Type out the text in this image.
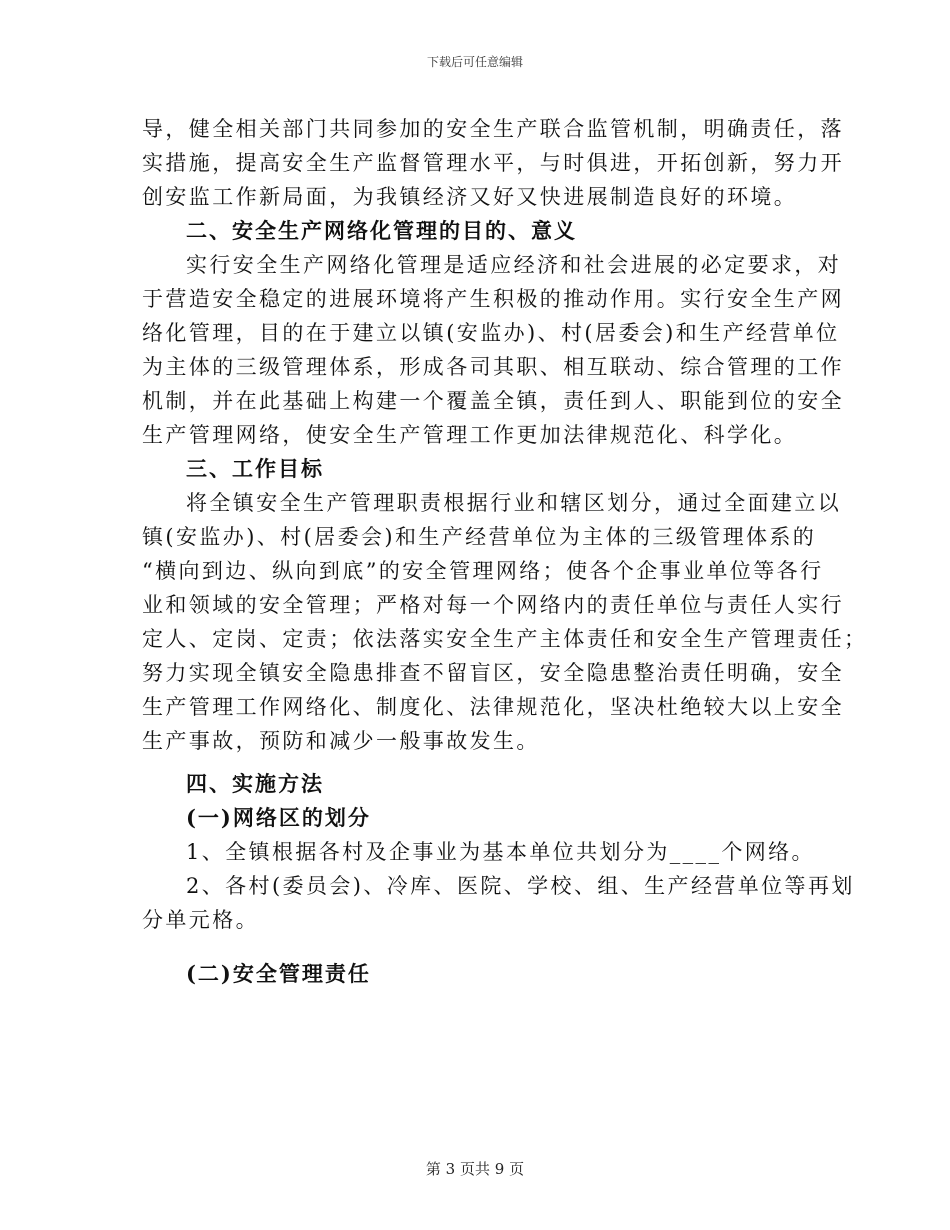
下载后可任意编辑
导，健全相关部门共同参加的安全生产联合监管机制，明确责任，落
实措施，提高安全生产监督管理水平，与时俱进，开拓创新，努力开
创安监工作新局面，为我镇经济又好又快进展制造良好的环境。
二、安全生产网络化管理的目的、意义
实行安全生产网络化管理是适应经济和社会进展的必定要求，对
于营造安全稳定的进展环境将产生积极的推动作用。实行安全生产网
络化管理，目的在于建立以镇(安监办)、村(居委会)和生产经营单位
为主体的三级管理体系，形成各司其职、相互联动、综合管理的工作
机制，并在此基础上构建一个覆盖全镇，责任到人、职能到位的安全
生产管理网络，使安全生产管理工作更加法律规范化、科学化。
三、工作目标
将全镇安全生产管理职责根据行业和辖区划分，通过全面建立以
镇(安监办)、村(居委会)和生产经营单位为主体的三级管理体系的
“横向到边、纵向到底”的安全管理网络；使各个企事业单位等各行
业和领域的安全管理；严格对每一个网络内的责任单位与责任人实行
定人、定岗、定责；依法落实安全生产主体责任和安全生产管理责任；
努力实现全镇安全隐患排查不留盲区，安全隐患整治责任明确，安全
生产管理工作网络化、制度化、法律规范化，坚决杜绝较大以上安全
生产事故，预防和减少一般事故发生。
四、实施方法
(一)网络区的划分
1、全镇根据各村及企事业为基本单位共划分为____个网络。
2、各村(委员会)、冷库、医院、学校、组、生产经营单位等再划
分单元格。
(二)安全管理责任
第 3 页共 9 页
